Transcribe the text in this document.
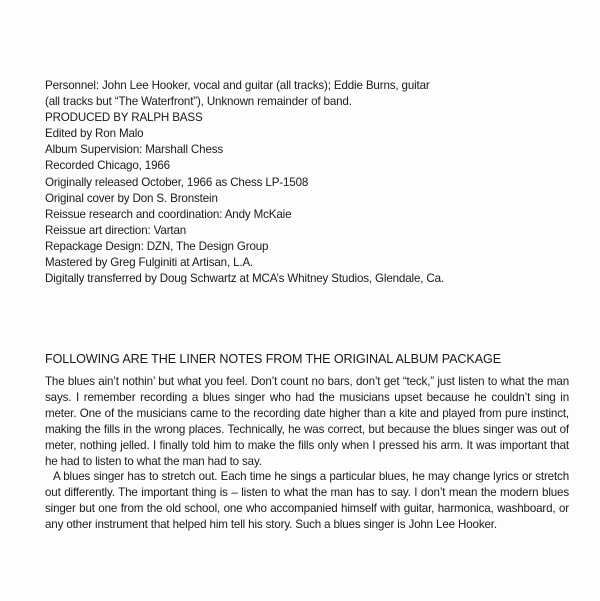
Personnel: John Lee Hooker, vocal and guitar (all tracks); Eddie Burns, guitar
(all tracks but “The Waterfront”), Unknown remainder of band.
PRODUCED BY RALPH BASS
Edited by Ron Malo
Album Supervision: Marshall Chess
Recorded Chicago, 1966
Originally released October, 1966 as Chess LP-1508
Original cover by Don S. Bronstein
Reissue research and coordination: Andy McKaie
Reissue art direction: Vartan
Repackage Design: DZN, The Design Group
Mastered by Greg Fulginiti at Artisan, L.A.
Digitally transferred by Doug Schwartz at MCA’s Whitney Studios, Glendale, Ca.
FOLLOWING ARE THE LINER NOTES FROM THE ORIGINAL ALBUM PACKAGE

The blues ain’t nothin’ but what you feel. Don’t count no bars, don’t get “teck,” just listen to what the man says. I remember recording a blues singer who had the musicians upset because he couldn’t sing in meter. One of the musicians came to the recording date higher than a kite and played from pure instinct, making the fills in the wrong places. Technically, he was correct, but because the blues singer was out of meter, nothing jelled. I finally told him to make the fills only when I pressed his arm. It was important that he had to listen to what the man had to say.

A blues singer has to stretch out. Each time he sings a particular blues, he may change lyrics or stretch out differently. The important thing is – listen to what the man has to say. I don’t mean the modern blues singer but one from the old school, one who accompanied himself with guitar, harmonica, washboard, or any other instrument that helped him tell his story. Such a blues singer is John Lee Hooker.
